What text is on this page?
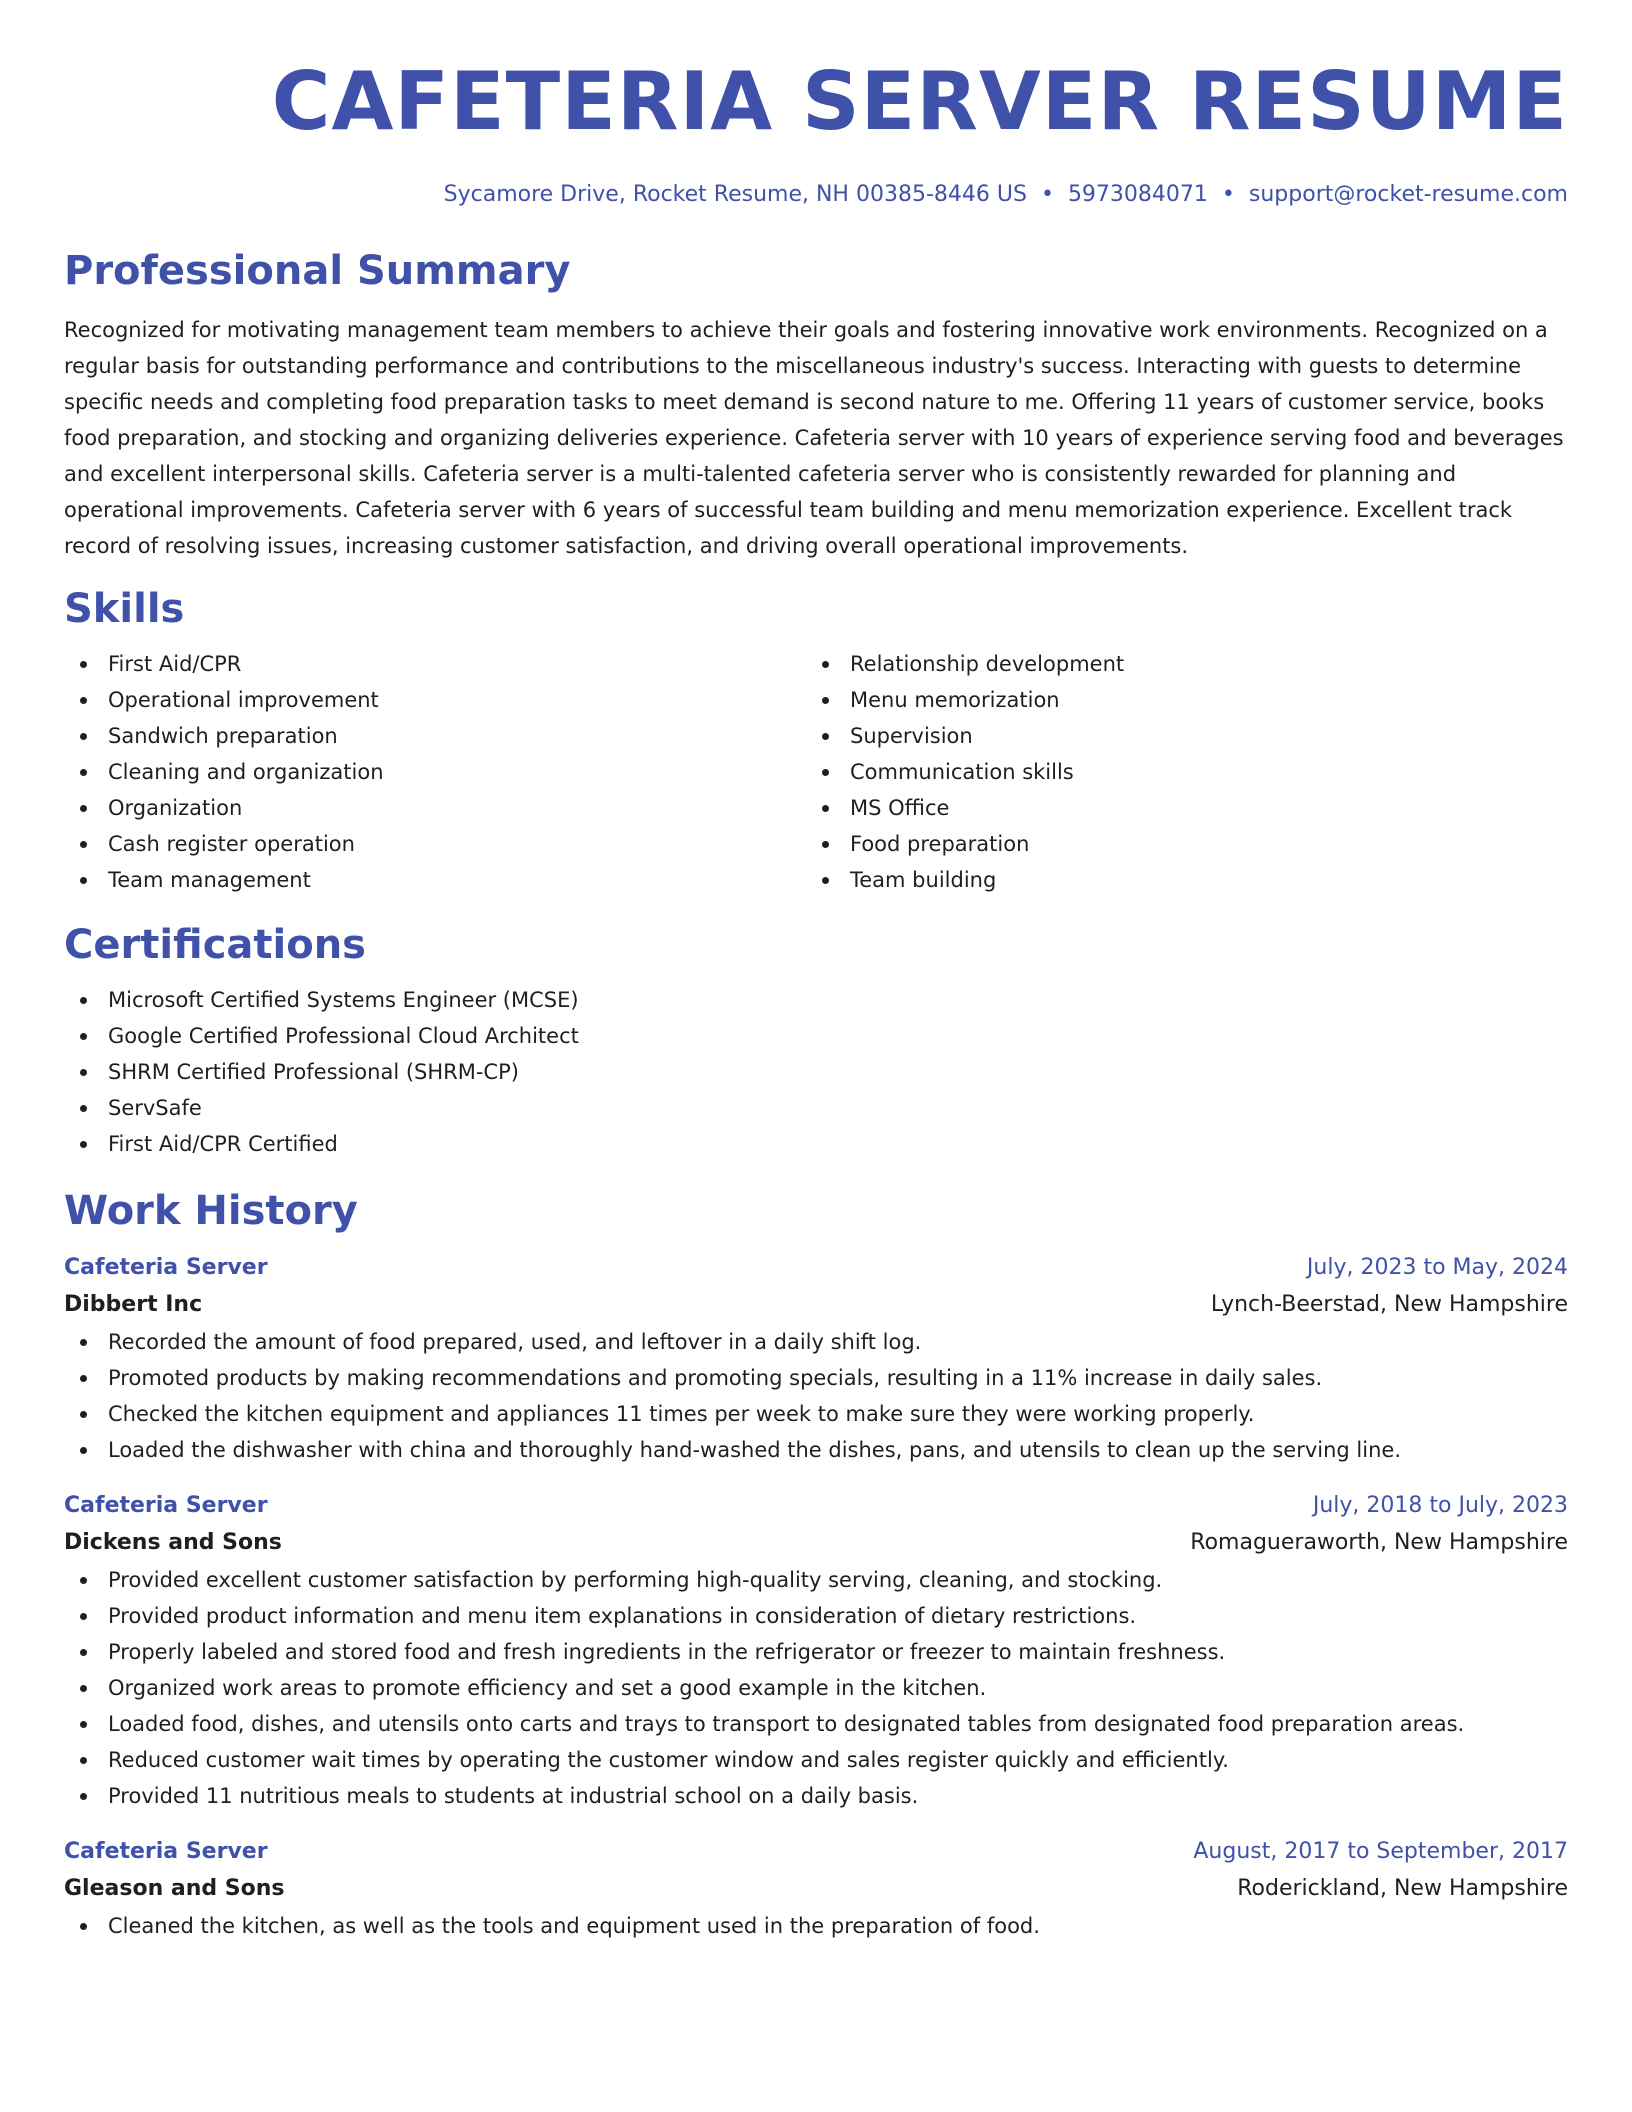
CAFETERIA SERVER RESUME
Sycamore Drive, Rocket Resume, NH 00385-8446 US • 5973084071 • support@rocket-resume.com
Professional Summary

Recognized for motivating management team members to achieve their goals and fostering innovative work environments. Recognized on a regular basis for outstanding performance and contributions to the miscellaneous industry's success. Interacting with guests to determine specific needs and completing food preparation tasks to meet demand is second nature to me. Offering 11 years of customer service, books food preparation, and stocking and organizing deliveries experience. Cafeteria server with 10 years of experience serving food and beverages and excellent interpersonal skills. Cafeteria server is a multi-talented cafeteria server who is consistently rewarded for planning and operational improvements. Cafeteria server with 6 years of successful team building and menu memorization experience. Excellent track record of resolving issues, increasing customer satisfaction, and driving overall operational improvements.

Skills
First Aid/CPR
Operational improvement
Sandwich preparation
Cleaning and organization
Organization
Cash register operation
Team management
Relationship development
Menu memorization
Supervision
Communication skills
MS Office
Food preparation
Team building
Certifications
Microsoft Certified Systems Engineer (MCSE)
Google Certified Professional Cloud Architect
SHRM Certified Professional (SHRM-CP)
ServSafe
First Aid/CPR Certified
Work History
Cafeteria Server	July, 2023 to May, 2024
Dibbert Inc	Lynch-Beerstad, New Hampshire
Recorded the amount of food prepared, used, and leftover in a daily shift log.
Promoted products by making recommendations and promoting specials, resulting in a 11% increase in daily sales.
Checked the kitchen equipment and appliances 11 times per week to make sure they were working properly.
Loaded the dishwasher with china and thoroughly hand-washed the dishes, pans, and utensils to clean up the serving line.
Cafeteria Server	July, 2018 to July, 2023
Dickens and Sons	Romagueraworth, New Hampshire
Provided excellent customer satisfaction by performing high-quality serving, cleaning, and stocking.
Provided product information and menu item explanations in consideration of dietary restrictions.
Properly labeled and stored food and fresh ingredients in the refrigerator or freezer to maintain freshness.
Organized work areas to promote efficiency and set a good example in the kitchen.
Loaded food, dishes, and utensils onto carts and trays to transport to designated tables from designated food preparation areas.
Reduced customer wait times by operating the customer window and sales register quickly and efficiently.
Provided 11 nutritious meals to students at industrial school on a daily basis.
Cafeteria Server	August, 2017 to September, 2017
Gleason and Sons	Roderickland, New Hampshire
Cleaned the kitchen, as well as the tools and equipment used in the preparation of food.
